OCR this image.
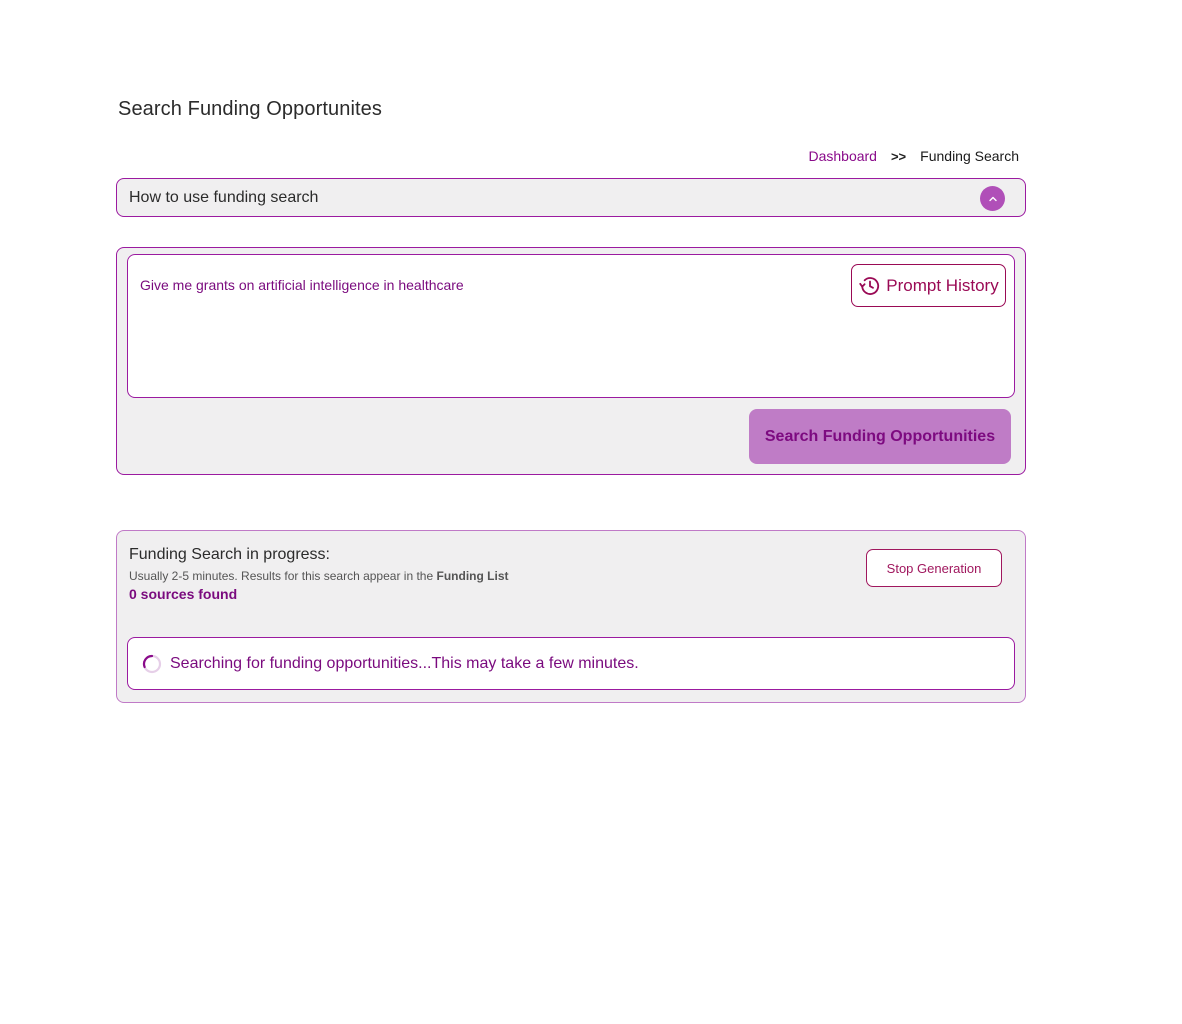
Search Funding Opportunites
Dashboard >> Funding Search
How to use funding search
Give me grants on artificial intelligence in healthcare	Prompt History
Search Funding Opportunities
Funding Search in progress:
Usually 2-5 minutes. Results for this search appear in the Funding List
0 sources found
Stop Generation
Searching for funding opportunities...This may take a few minutes.
